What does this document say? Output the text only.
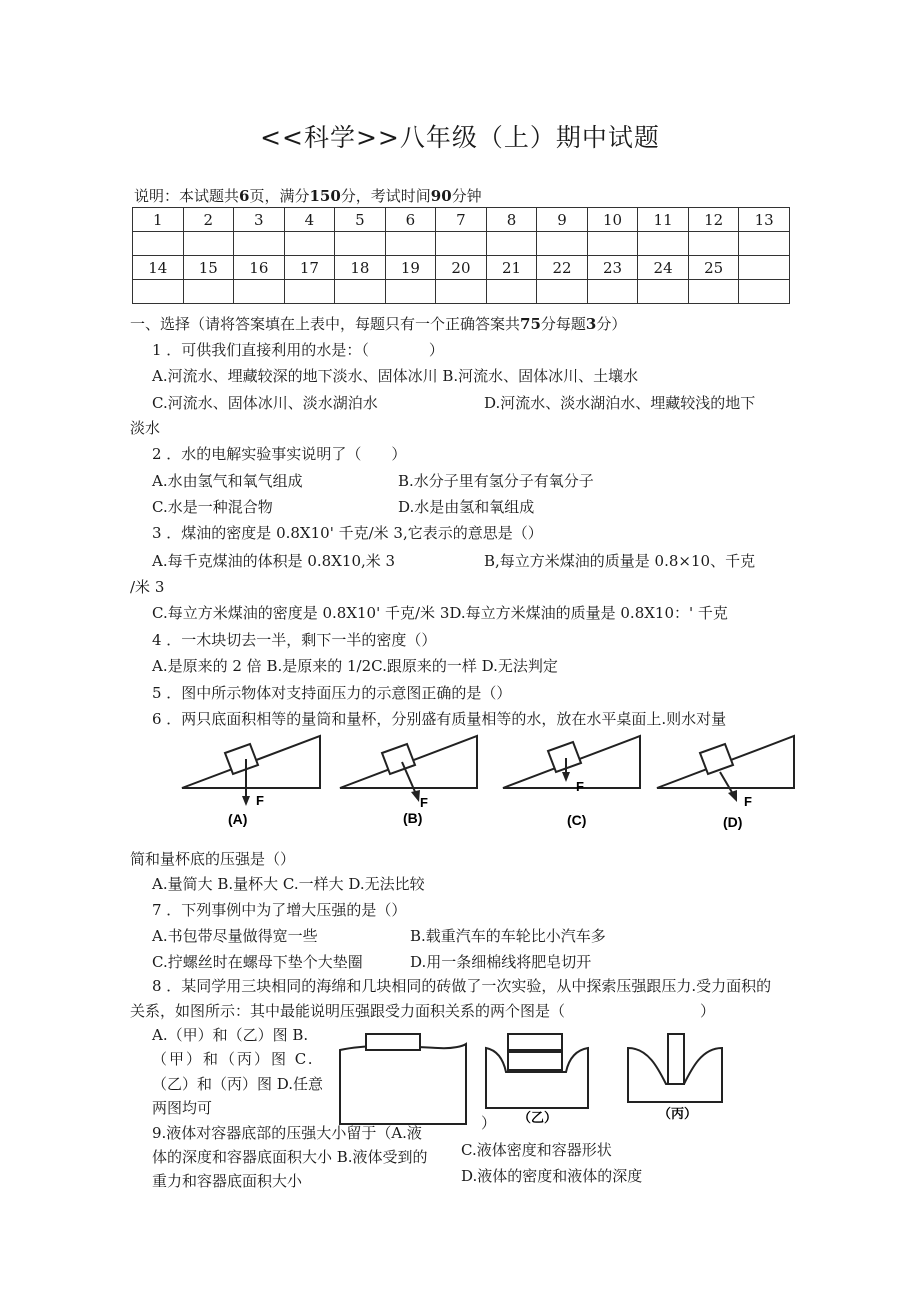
<<科学>>八年级（上）期中试题
说明：本试题共6页，满分150分，考试时间90分钟
1	2	3	4	5	6	7	8	9	10	11	12	13

14	15	16	17	18	19	20	21	22	23	24	25	

一、选择（请将答案填在上表中，每题只有一个正确答案共75分每题3分）
1 ．可供我们直接利用的水是：（　　　　）
A.河流水、埋藏较深的地下淡水、固体冰川 B.河流水、固体冰川、土壤水
C.河流水、固体冰川、淡水湖泊水	D.河流水、淡水湖泊水、埋藏较浅的地下
淡水
2 ．水的电解实验事实说明了（　　）
A.水由氢气和氧气组成	B.水分子里有氢分子有氧分子
C.水是一种混合物	D.水是由氢和氧组成
3 ．煤油的密度是 0.8X10' 千克/米 3,它表示的意思是（）
A.每千克煤油的体积是 0.8X10,米 3	B,每立方米煤油的质量是 0.8×10、千克
/米 3
C.每立方米煤油的密度是 0.8X10' 千克/米 3D.每立方米煤油的质量是 0.8X10：' 千克
4 ．一木块切去一半，剩下一半的密度（）
A.是原来的 2 倍 B.是原来的 1/2C.跟原来的一样 D.无法判定
5 ．图中所示物体对支持面压力的示意图正确的是（）
6 ．两只底面积相等的量筒和量杯，分别盛有质量相等的水，放在水平桌面上.则水对量
F
(A)
F
(B)
F
(C)
F
(D)
简和量杯底的压强是（）
A.量简大 B.量杯大 C.一样大 D.无法比较
7 ．下列事例中为了增大压强的是（）
A.书包带尽量做得宽一些	B.载重汽车的车轮比小汽车多
C.拧螺丝时在螺母下垫个大垫圈	D.用一条细棉线将肥皂切开
8 ．某同学用三块相同的海绵和几块相同的砖做了一次实验，从中探索压强跟压力.受力面积的
关系，如图所示：其中最能说明压强跟受力面积关系的两个图是（　　　　　　　　　）
A.（甲）和（乙）图 B.
（甲）和（丙）图 C.
（乙）和（丙）图 D.任意
两图均可
） （乙）	（丙）
9.液体对容器底部的压强大小留于（A.液
体的深度和容器底面积大小 B.液体受到的
重力和容器底面积大小
C.液体密度和容器形状
D.液体的密度和液体的深度
